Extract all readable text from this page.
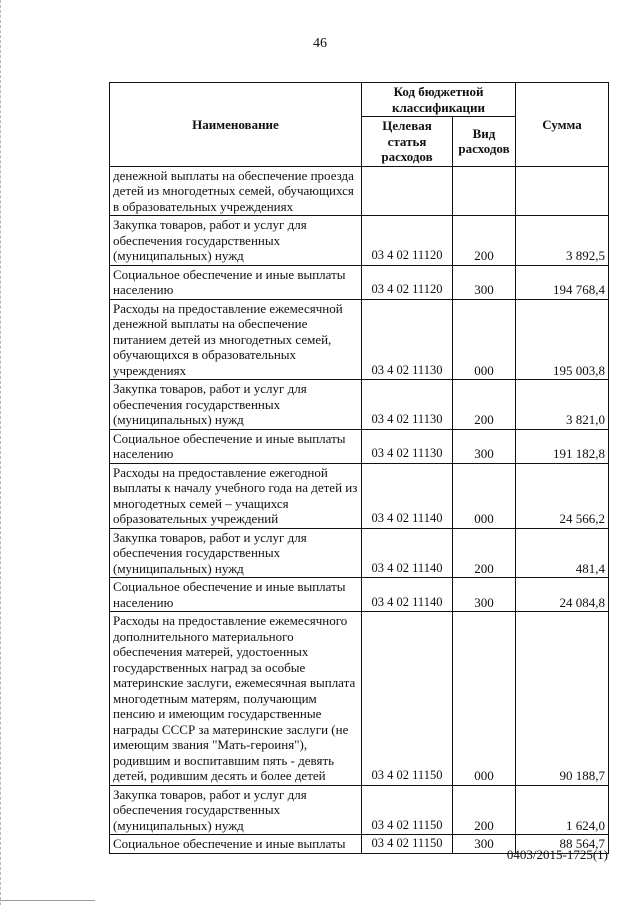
46
Наименование	Код бюджетной классификации		Сумма
	Целевая статья расходов	Вид расходов	
денежной выплаты на обеспечение проезда детей из многодетных семей, обучающихся в образовательных учреждениях			
Закупка товаров, работ и услуг для обеспечения государственных (муниципальных) нужд	03 4 02 11120	200	3 892,5
Социальное обеспечение и иные выплаты населению	03 4 02 11120	300	194 768,4
Расходы на предоставление ежемесячной денежной выплаты на обеспечение питанием детей из многодетных семей, обучающихся в образовательных учреждениях	03 4 02 11130	000	195 003,8
Закупка товаров, работ и услуг для обеспечения государственных (муниципальных) нужд	03 4 02 11130	200	3 821,0
Социальное обеспечение и иные выплаты населению	03 4 02 11130	300	191 182,8
Расходы на предоставление ежегодной выплаты к началу учебного года на детей из многодетных семей – учащихся образовательных учреждений	03 4 02 11140	000	24 566,2
Закупка товаров, работ и услуг для обеспечения государственных (муниципальных) нужд	03 4 02 11140	200	481,4
Социальное обеспечение и иные выплаты населению	03 4 02 11140	300	24 084,8
Расходы на предоставление ежемесячного дополнительного материального обеспечения матерей, удостоенных государственных наград за особые материнские заслуги, ежемесячная выплата многодетным матерям, получающим пенсию и имеющим государственные награды СССР за материнские заслуги (не имеющим звания "Мать-героиня"), родившим и воспитавшим пять - девять детей, родившим десять и более детей	03 4 02 11150	000	90 188,7
Закупка товаров, работ и услуг для обеспечения государственных (муниципальных) нужд	03 4 02 11150	200	1 624,0
Социальное обеспечение и иные выплаты	03 4 02 11150	300	88 564,7
0403/2015-1725(1)
